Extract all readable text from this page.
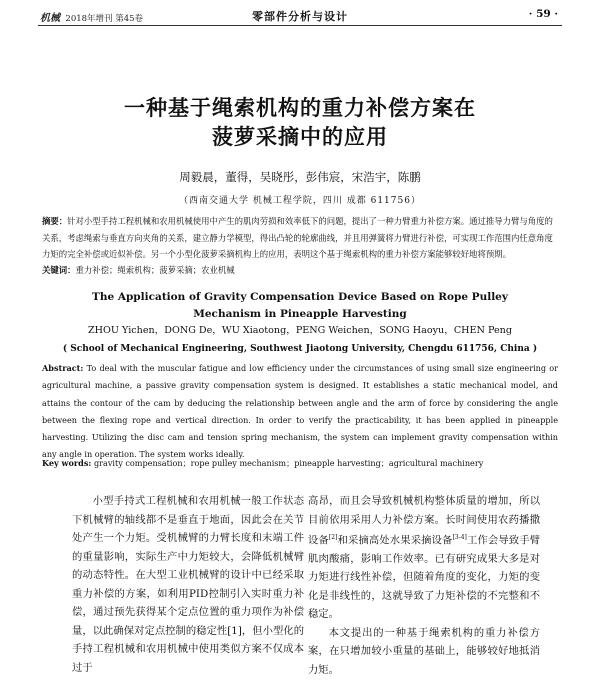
机械 2018年增刊 第45卷	零部件分析与设计	· 59 ·
一种基于绳索机构的重力补偿方案在
菠萝采摘中的应用
周毅晨，董得，吴晓彤，彭伟宸，宋浩宇，陈鹏
（西南交通大学 机械工程学院，四川 成都 611756）
摘要：针对小型手持工程机械和农用机械使用中产生的肌肉劳损和效率低下的问题，提出了一种力臂重力补偿方案。通过推导力臂与角度的关系，考虑绳索与垂直方向夹角的关系，建立静力学模型，得出凸轮的轮廓曲线，并且用弹簧将力臂进行补偿，可实现工作范围内任意角度力矩的完全补偿或近似补偿。另一个小型化菠萝采摘机构上的应用，表明这个基于绳索机构的重力补偿方案能够较好地将预期。
关键词：重力补偿；绳索机构；菠萝采摘；农业机械
The Application of Gravity Compensation Device Based on Rope Pulley Mechanism in Pineapple Harvesting
ZHOU Yichen，DONG De，WU Xiaotong，PENG Weichen，SONG Haoyu，CHEN Peng
( School of Mechanical Engineering, Southwest Jiaotong University, Chengdu 611756, China )
Abstract: To deal with the muscular fatigue and low efficiency under the circumstances of using small size engineering or agricultural machine, a passive gravity compensation system is designed. It establishes a static mechanical model, and attains the contour of the cam by deducing the relationship between angle and the arm of force by considering the angle between the flexing rope and vertical direction. In order to verify the practicability, it has been applied in pineapple harvesting. Utilizing the disc cam and tension spring mechanism, the system can implement gravity compensation within any angle in operation. The system works ideally.
Key words: gravity compensation；rope pulley mechanism；pineapple harvesting；agricultural machinery
小型手持式工程机械和农用机械一般工作状态下机械臂的轴线都不是垂直于地面，因此会在关节处产生一个力矩。受机械臂的力臂长度和末端工件的重量影响，实际生产中力矩较大，会降低机械臂的动态特性。在大型工业机械臂的设计中已经采取重力补偿的方案，如利用PID控制引入实时重力补偿，通过预先获得某个定点位置的重力项作为补偿量，以此确保对定点控制的稳定性[1]，但小型化的手持工程机械和农用机械中使用类似方案不仅成本过于
高昂，而且会导致机械机构整体质量的增加，所以目前依用采用人力补偿方案。长时间使用农药播撒设备[2]和采摘高处水果采摘设备[3-4]工作会导致手臂肌肉酸痛，影响工作效率。已有研究成果大多是对力矩进行线性补偿，但随着角度的变化，力矩的变化是非线性的，这就导致了力矩补偿的不完整和不稳定。
本文提出的一种基于绳索机构的重力补偿方案，在只增加较小重量的基础上，能够较好地抵消力矩。
